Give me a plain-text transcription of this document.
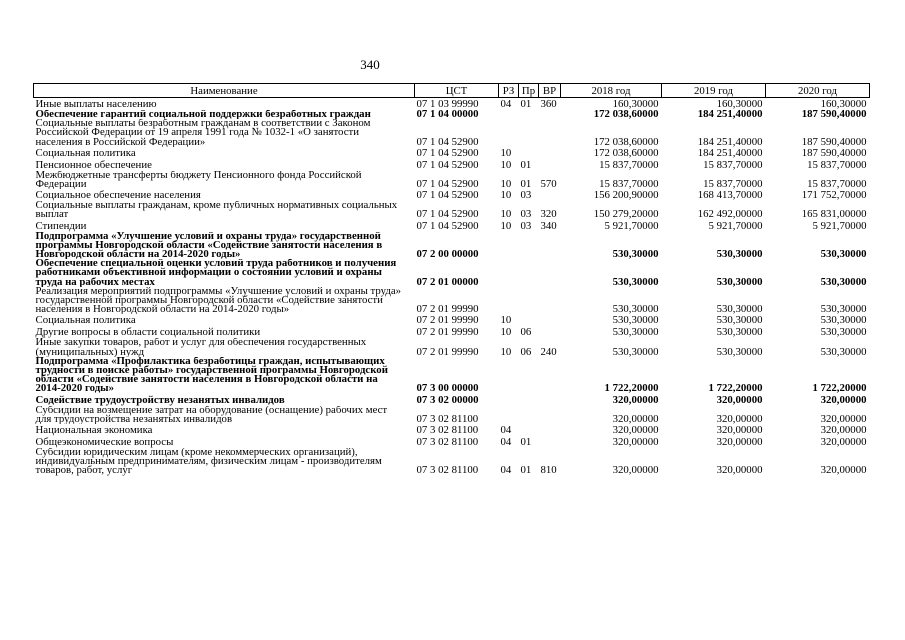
340
Наименование	ЦСТ	РЗ	Пр	ВР	2018 год	2019 год	2020 год
Иные выплаты населению	07 1 03 99990	04	01	360	160,30000	160,30000	160,30000
Обеспечение гарантий социальной поддержки безработных граждан	07 1 04 00000				172 038,60000	184 251,40000	187 590,40000
Социальные выплаты безработным гражданам в соответствии с Законом Российской Федерации от 19 апреля 1991 года № 1032-1 «О занятости населения в Российской Федерации»	07 1 04 52900				172 038,60000	184 251,40000	187 590,40000
Социальная политика	07 1 04 52900	10			172 038,60000	184 251,40000	187 590,40000
Пенсионное обеспечение	07 1 04 52900	10	01		15 837,70000	15 837,70000	15 837,70000
Межбюджетные трансферты бюджету Пенсионного фонда Российской Федерации	07 1 04 52900	10	01	570	15 837,70000	15 837,70000	15 837,70000
Социальное обеспечение населения	07 1 04 52900	10	03		156 200,90000	168 413,70000	171 752,70000
Социальные выплаты гражданам, кроме публичных нормативных социальных выплат	07 1 04 52900	10	03	320	150 279,20000	162 492,00000	165 831,00000
Стипендии	07 1 04 52900	10	03	340	5 921,70000	5 921,70000	5 921,70000
Подпрограмма «Улучшение условий и охраны труда» государственной программы Новгородской области «Содействие занятости населения в Новгородской области на 2014-2020 годы»	07 2 00 00000				530,30000	530,30000	530,30000
Обеспечение специальной оценки условий труда работников и получения работниками объективной информации о состоянии условий и охраны труда на рабочих местах	07 2 01 00000				530,30000	530,30000	530,30000
Реализация мероприятий подпрограммы «Улучшение условий и охраны труда» государственной программы Новгородской области «Содействие занятости населения в Новгородской области на 2014-2020 годы»	07 2 01 99990				530,30000	530,30000	530,30000
Социальная политика	07 2 01 99990	10			530,30000	530,30000	530,30000
Другие вопросы в области социальной политики	07 2 01 99990	10	06		530,30000	530,30000	530,30000
Иные закупки товаров, работ и услуг для обеспечения государственных (муниципальных) нужд	07 2 01 99990	10	06	240	530,30000	530,30000	530,30000
Подпрограмма «Профилактика безработицы граждан, испытывающих трудности в поиске работы» государственной программы Новгородской области «Содействие занятости населения в Новгородской области на 2014-2020 годы»	07 3 00 00000				1 722,20000	1 722,20000	1 722,20000
Содействие трудоустройству незанятых инвалидов	07 3 02 00000				320,00000	320,00000	320,00000
Субсидии на возмещение затрат на оборудование (оснащение) рабочих мест для трудоустройства незанятых инвалидов	07 3 02 81100				320,00000	320,00000	320,00000
Национальная экономика	07 3 02 81100	04			320,00000	320,00000	320,00000
Общеэкономические вопросы	07 3 02 81100	04	01		320,00000	320,00000	320,00000
Субсидии юридическим лицам (кроме некоммерческих организаций), индивидуальным предпринимателям, физическим лицам - производителям товаров, работ, услуг	07 3 02 81100	04	01	810	320,00000	320,00000	320,00000
